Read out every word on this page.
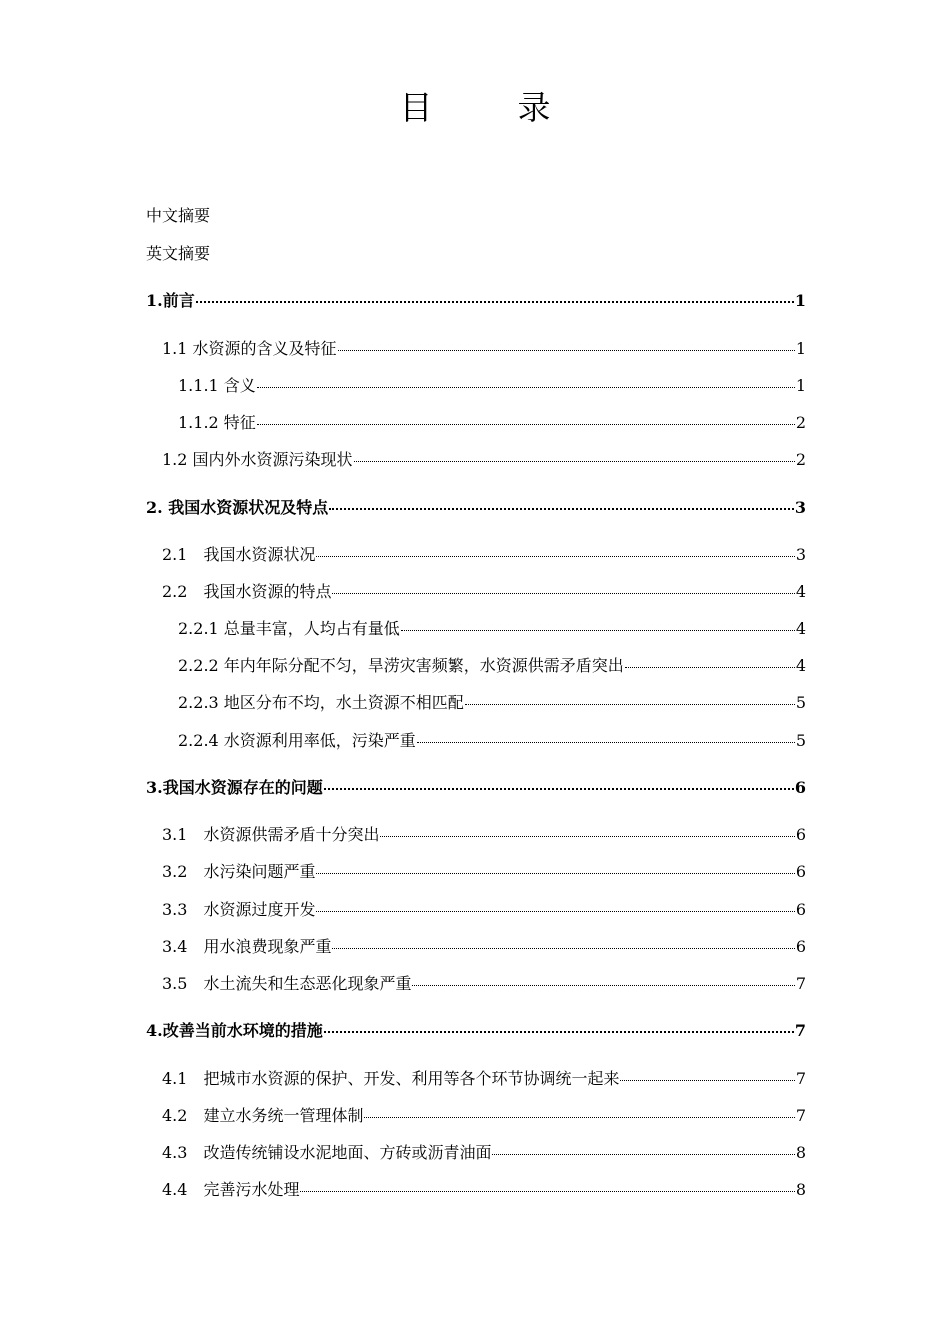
目　录
中文摘要
英文摘要
1.前言	1
1.1 水资源的含义及特征	1
1.1.1 含义	1
1.1.2 特征	2
1.2 国内外水资源污染现状	2
2. 我国水资源状况及特点	3
2.1　我国水资源状况	3
2.2　我国水资源的特点	4
2.2.1 总量丰富，人均占有量低	4
2.2.2 年内年际分配不匀，旱涝灾害频繁，水资源供需矛盾突出	4
2.2.3 地区分布不均，水土资源不相匹配	5
2.2.4 水资源利用率低，污染严重	5
3.我国水资源存在的问题	6
3.1　水资源供需矛盾十分突出	6
3.2　水污染问题严重	6
3.3　水资源过度开发	6
3.4　用水浪费现象严重	6
3.5　水土流失和生态恶化现象严重	7
4.改善当前水环境的措施	7
4.1　把城市水资源的保护、开发、利用等各个环节协调统一起来	7
4.2　建立水务统一管理体制	7
4.3　改造传统铺设水泥地面、方砖或沥青油面	8
4.4　完善污水处理	8
